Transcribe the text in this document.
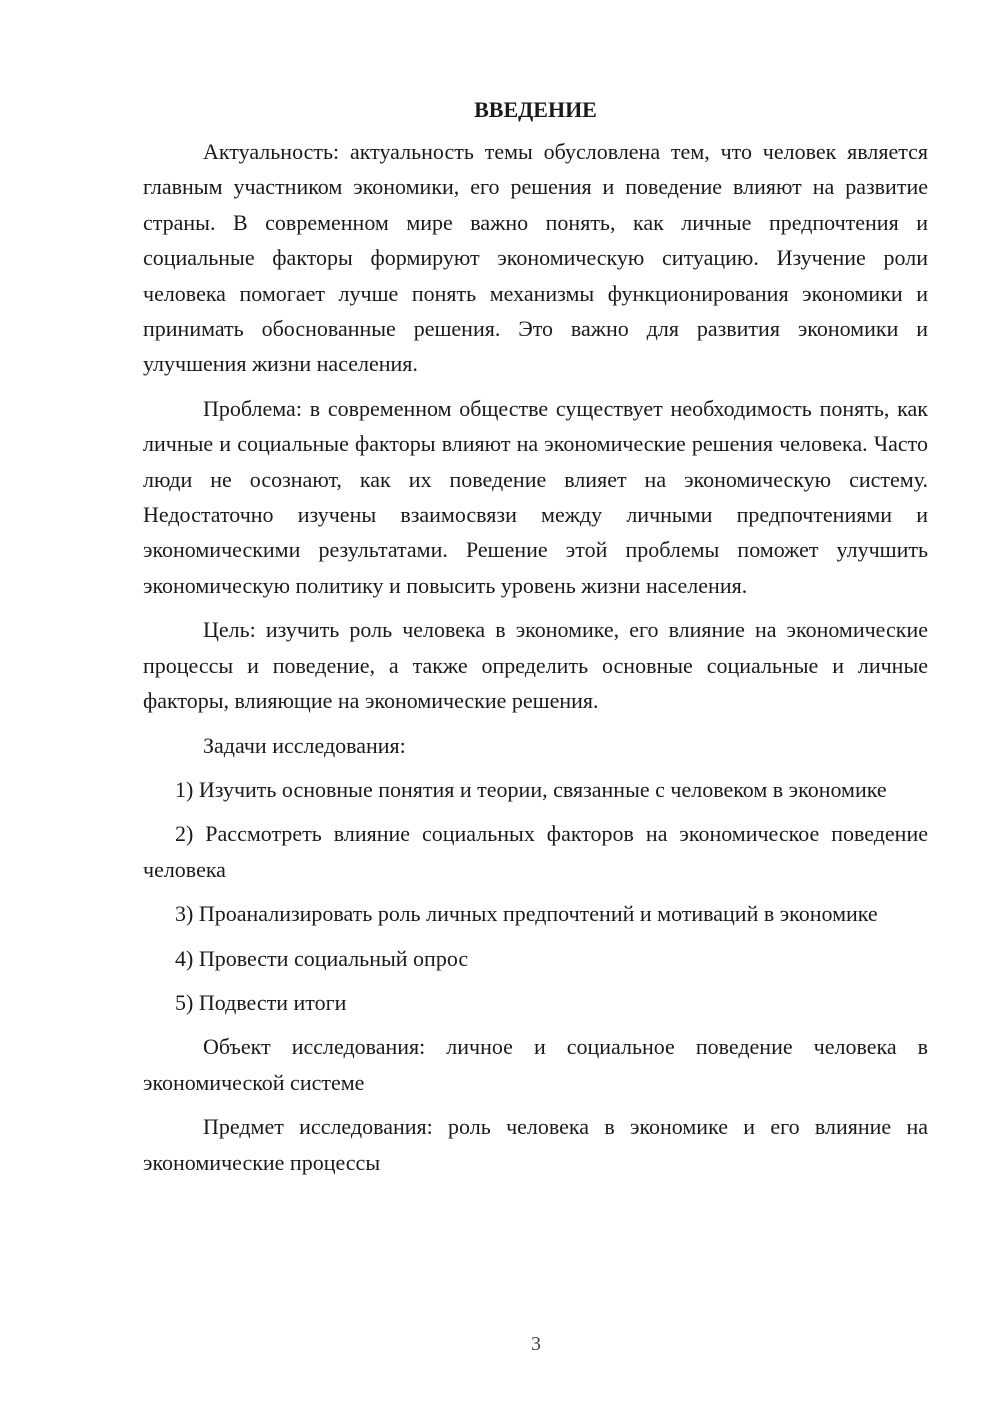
ВВЕДЕНИЕ

Актуальность: актуальность темы обусловлена тем, что человек является главным участником экономики, его решения и поведение влияют на развитие страны. В современном мире важно понять, как личные предпочтения и социальные факторы формируют экономическую ситуацию. Изучение роли человека помогает лучше понять механизмы функционирования экономики и принимать обоснованные решения. Это важно для развития экономики и улучшения жизни населения.

Проблема: в современном обществе существует необходимость понять, как личные и социальные факторы влияют на экономические решения человека. Часто люди не осознают, как их поведение влияет на экономическую систему. Недостаточно изучены взаимосвязи между личными предпочтениями и экономическими результатами. Решение этой проблемы поможет улучшить экономическую политику и повысить уровень жизни населения.

Цель: изучить роль человека в экономике, его влияние на экономические процессы и поведение, а также определить основные социальные и личные факторы, влияющие на экономические решения.

Задачи исследования:

1) Изучить основные понятия и теории, связанные с человеком в экономике

2) Рассмотреть влияние социальных факторов на экономическое поведение человека

3) Проанализировать роль личных предпочтений и мотиваций в экономике

4) Провести социальный опрос

5) Подвести итоги

Объект исследования: личное и социальное поведение человека в экономической системе

Предмет исследования: роль человека в экономике и его влияние на экономические процессы

3
